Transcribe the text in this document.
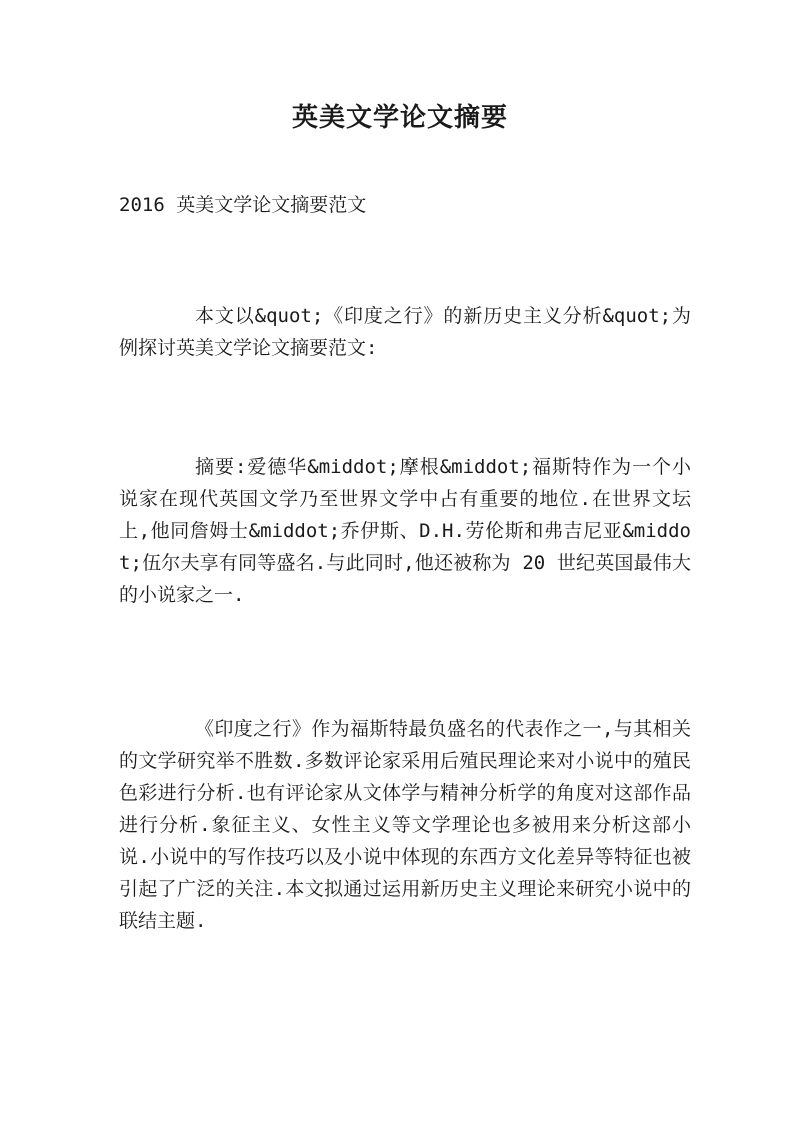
英美文学论文摘要
2016 英美文学论文摘要范文

本文以&quot;《印度之行》的新历史主义分析&quot;为例探讨英美文学论文摘要范文:

摘要:爱德华&middot;摩根&middot;福斯特作为一个小说家在现代英国文学乃至世界文学中占有重要的地位.在世界文坛上,他同詹姆士&middot;乔伊斯、D.H.劳伦斯和弗吉尼亚&middot;伍尔夫享有同等盛名.与此同时,他还被称为 20 世纪英国最伟大的小说家之一.

《印度之行》作为福斯特最负盛名的代表作之一,与其相关的文学研究举不胜数.多数评论家采用后殖民理论来对小说中的殖民色彩进行分析.也有评论家从文体学与精神分析学的角度对这部作品进行分析.象征主义、女性主义等文学理论也多被用来分析这部小说.小说中的写作技巧以及小说中体现的东西方文化差异等特征也被引起了广泛的关注.本文拟通过运用新历史主义理论来研究小说中的联结主题.
